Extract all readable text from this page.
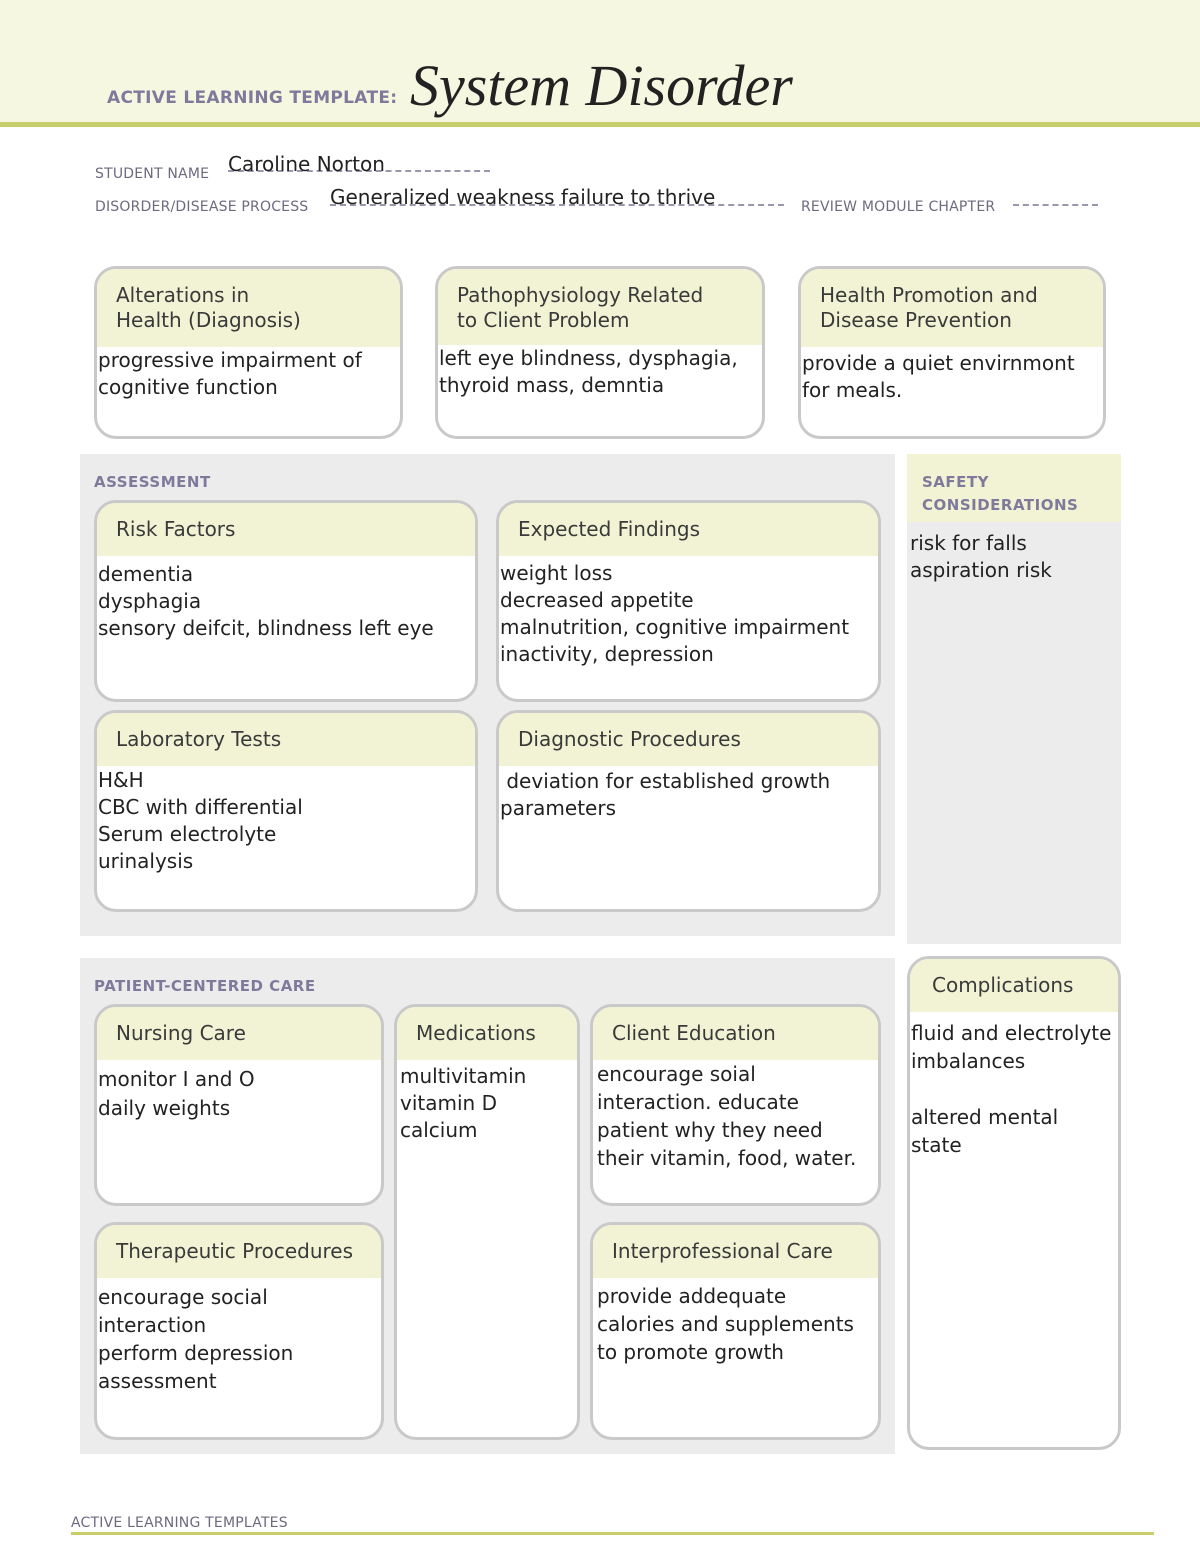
ACTIVE LEARNING TEMPLATE: System Disorder
STUDENT NAME Caroline Norton
DISORDER/DISEASE PROCESS Generalized weakness failure to thrive	REVIEW MODULE CHAPTER
Alterations in
Health (Diagnosis)
progressive impairment of
cognitive function
Pathophysiology Related
to Client Problem
left eye blindness, dysphagia,
thyroid mass, demntia
Health Promotion and
Disease Prevention
provide a quiet envirnmont
for meals.
ASSESSMENT
Risk Factors
dementia
dysphagia
sensory deifcit, blindness left eye
Expected Findings
weight loss
decreased appetite
malnutrition, cognitive impairment
inactivity, depression
Laboratory Tests
H&H
CBC with differential
Serum electrolyte
urinalysis
Diagnostic Procedures
deviation for established growth
parameters
SAFETY
CONSIDERATIONS
risk for falls
aspiration risk
PATIENT-CENTERED CARE
Nursing Care
monitor I and O
daily weights
Medications
multivitamin
vitamin D
calcium
Client Education
encourage soial
interaction. educate
patient why they need
their vitamin, food, water.
Therapeutic Procedures
encourage social
interaction
perform depression
assessment
Interprofessional Care
provide addequate
calories and supplements
to promote growth
Complications
fluid and electrolyte
imbalances

altered mental
state
ACTIVE LEARNING TEMPLATES
